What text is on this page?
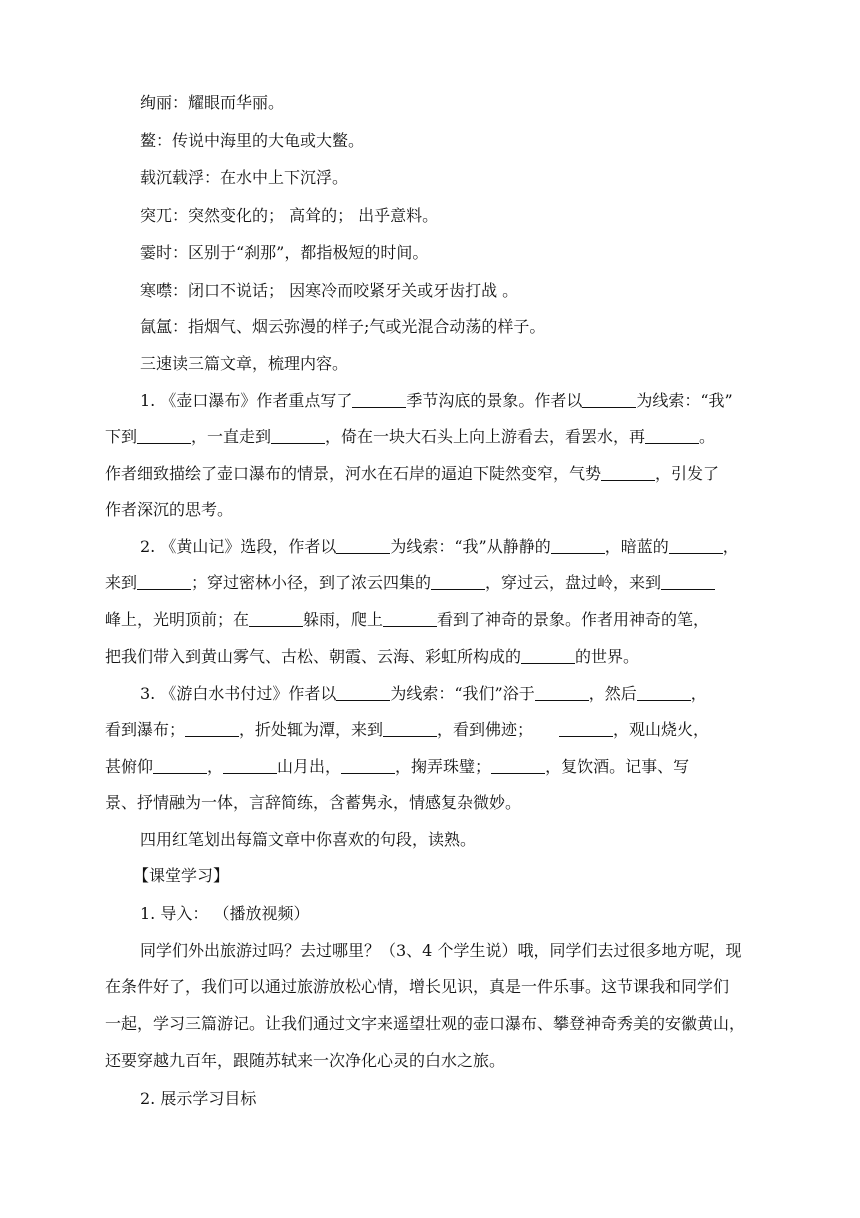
绚丽：耀眼而华丽。
鳌：传说中海里的大龟或大鳖。
载沉载浮：在水中上下沉浮。
突兀：突然变化的； 高耸的； 出乎意料。
霎时：区别于“刹那”，都指极短的时间。
寒噤：闭口不说话； 因寒冷而咬紧牙关或牙齿打战 。
氤氲：指烟气、烟云弥漫的样子;气或光混合动荡的样子。
三速读三篇文章，梳理内容。
1. 《壶口瀑布》作者重点写了	季节沟底的景象。作者以	为线索：“我”
下到	，一直走到	，倚在一块大石头上向上游看去，看罢水，再	。
作者细致描绘了壶口瀑布的情景，河水在石岸的逼迫下陡然变窄，气势	，引发了
作者深沉的思考。
2. 《黄山记》选段，作者以	为线索：“我”从静静的	，暗蓝的	，
来到	；穿过密林小径，到了浓云四集的	，穿过云，盘过岭，来到
峰上，光明顶前；在	躲雨，爬上	看到了神奇的景象。作者用神奇的笔，
把我们带入到黄山雾气、古松、朝霞、云海、彩虹所构成的	的世界。
3. 《游白水书付过》作者以	为线索：“我们”浴于	，然后	，
看到瀑布；	，折处辄为潭，来到	，看到佛迹；	，观山烧火，
甚俯仰	，	山月出，	，掬弄珠璧；	，复饮酒。记事、写
景、抒情融为一体，言辞简练，含蓄隽永，情感复杂微妙。
四用红笔划出每篇文章中你喜欢的句段，读熟。
【课堂学习】
1. 导入： （播放视频）
同学们外出旅游过吗？去过哪里？（3、4 个学生说）哦，同学们去过很多地方呢，现
在条件好了，我们可以通过旅游放松心情，增长见识，真是一件乐事。这节课我和同学们
一起，学习三篇游记。让我们通过文字来遥望壮观的壶口瀑布、攀登神奇秀美的安徽黄山，
还要穿越九百年，跟随苏轼来一次净化心灵的白水之旅。
2. 展示学习目标
